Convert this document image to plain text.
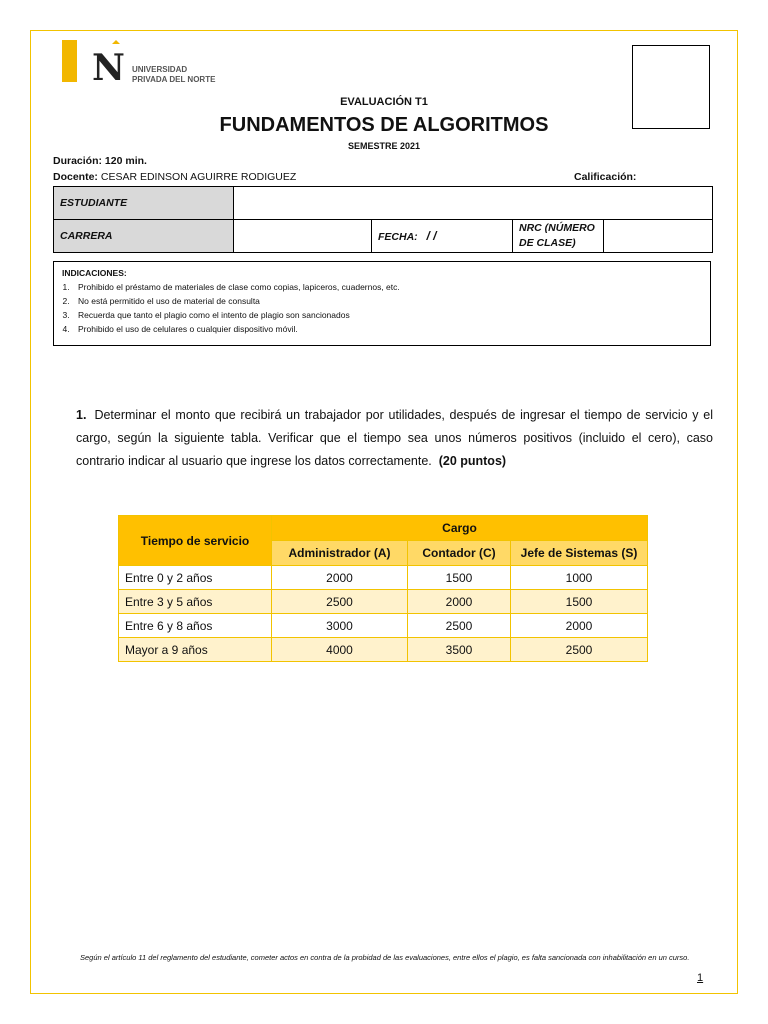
N UNIVERSIDAD
PRIVADA DEL NORTE
EVALUACIÓN T1
FUNDAMENTOS DE ALGORITMOS
SEMESTRE 2021
Duración: 120 min.
Docente: CESAR EDINSON AGUIRRE RODIGUEZ	Calificación:
ESTUDIANTE				
CARRERA		FECHA: / /	NRC (NÚMERO DE CLASE)	
INDICACIONES:
1. Prohibido el préstamo de materiales de clase como copias, lapiceros, cuadernos, etc.
2. No está permitido el uso de material de consulta
3. Recuerda que tanto el plagio como el intento de plagio son sancionados
4. Prohibido el uso de celulares o cualquier dispositivo móvil.
1. Determinar el monto que recibirá un trabajador por utilidades, después de ingresar el tiempo de servicio y el cargo, según la siguiente tabla. Verificar que el tiempo sea unos números positivos (incluido el cero), caso contrario indicar al usuario que ingrese los datos correctamente. (20 puntos)
Tiempo de servicio	Cargo		
	Administrador (A)	Contador (C)	Jefe de Sistemas (S)
Entre 0 y 2 años	2000	1500	1000
Entre 3 y 5 años	2500	2000	1500
Entre 6 y 8 años	3000	2500	2000
Mayor a 9 años	4000	3500	2500
Según el artículo 11 del reglamento del estudiante, cometer actos en contra de la probidad de las evaluaciones, entre ellos el plagio, es falta sancionada con inhabilitación en un curso.
1
